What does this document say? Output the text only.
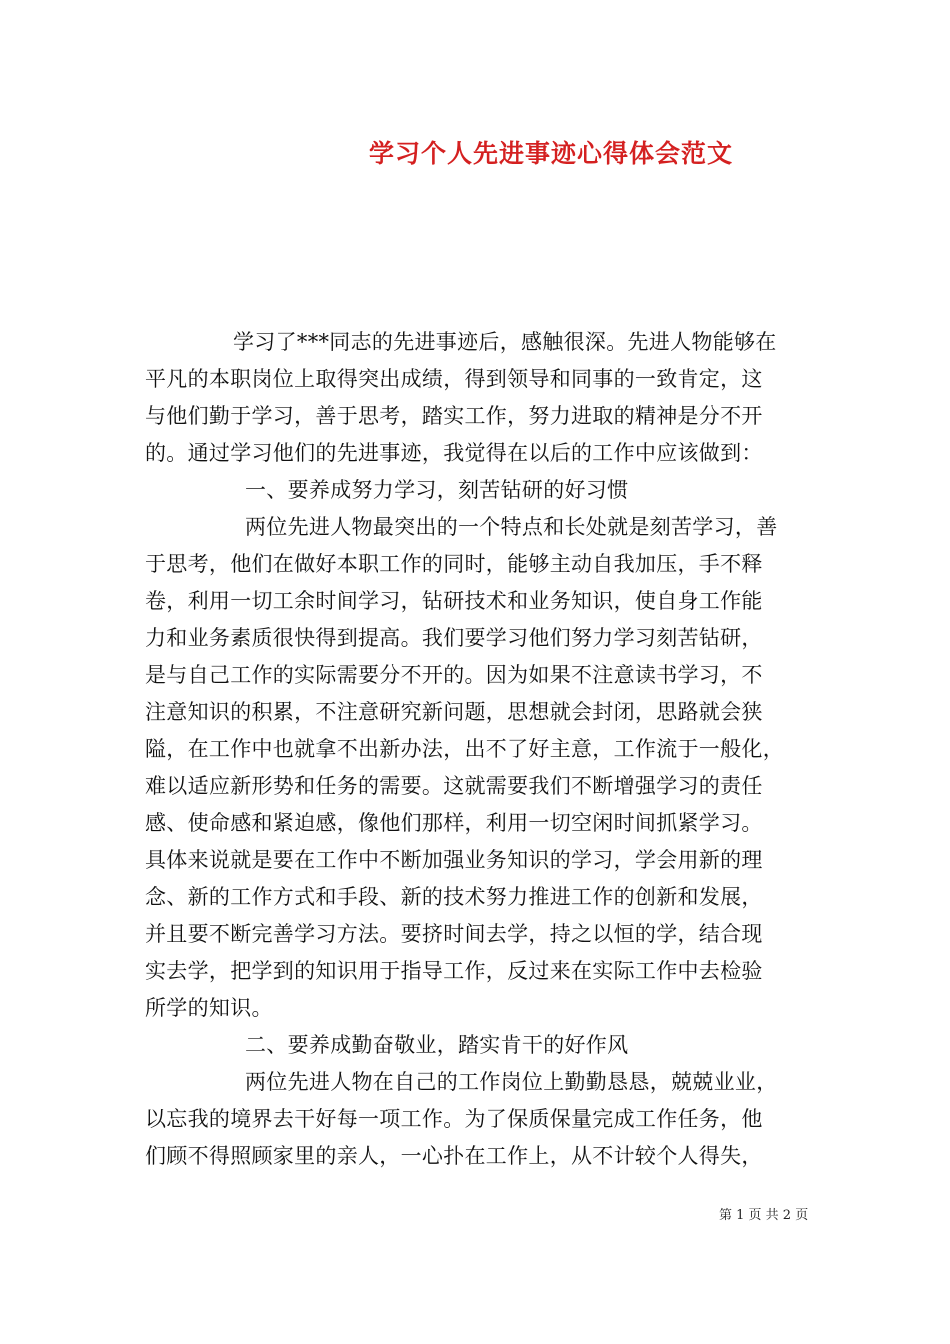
学习个人先进事迹心得体会范文
学习了***同志的先进事迹后，感触很深。先进人物能够在
平凡的本职岗位上取得突出成绩，得到领导和同事的一致肯定，这
与他们勤于学习，善于思考，踏实工作，努力进取的精神是分不开
的。通过学习他们的先进事迹，我觉得在以后的工作中应该做到：
一、要养成努力学习，刻苦钻研的好习惯
两位先进人物最突出的一个特点和长处就是刻苦学习，善
于思考，他们在做好本职工作的同时，能够主动自我加压，手不释
卷，利用一切工余时间学习，钻研技术和业务知识，使自身工作能
力和业务素质很快得到提高。我们要学习他们努力学习刻苦钻研，
是与自己工作的实际需要分不开的。因为如果不注意读书学习，不
注意知识的积累，不注意研究新问题，思想就会封闭，思路就会狭
隘，在工作中也就拿不出新办法，出不了好主意，工作流于一般化，
难以适应新形势和任务的需要。这就需要我们不断增强学习的责任
感、使命感和紧迫感，像他们那样，利用一切空闲时间抓紧学习。
具体来说就是要在工作中不断加强业务知识的学习，学会用新的理
念、新的工作方式和手段、新的技术努力推进工作的创新和发展，
并且要不断完善学习方法。要挤时间去学，持之以恒的学，结合现
实去学，把学到的知识用于指导工作，反过来在实际工作中去检验
所学的知识。
二、要养成勤奋敬业，踏实肯干的好作风
两位先进人物在自己的工作岗位上勤勤恳恳，兢兢业业，
以忘我的境界去干好每一项工作。为了保质保量完成工作任务，他
们顾不得照顾家里的亲人，一心扑在工作上，从不计较个人得失，
第 1 页 共 2 页
